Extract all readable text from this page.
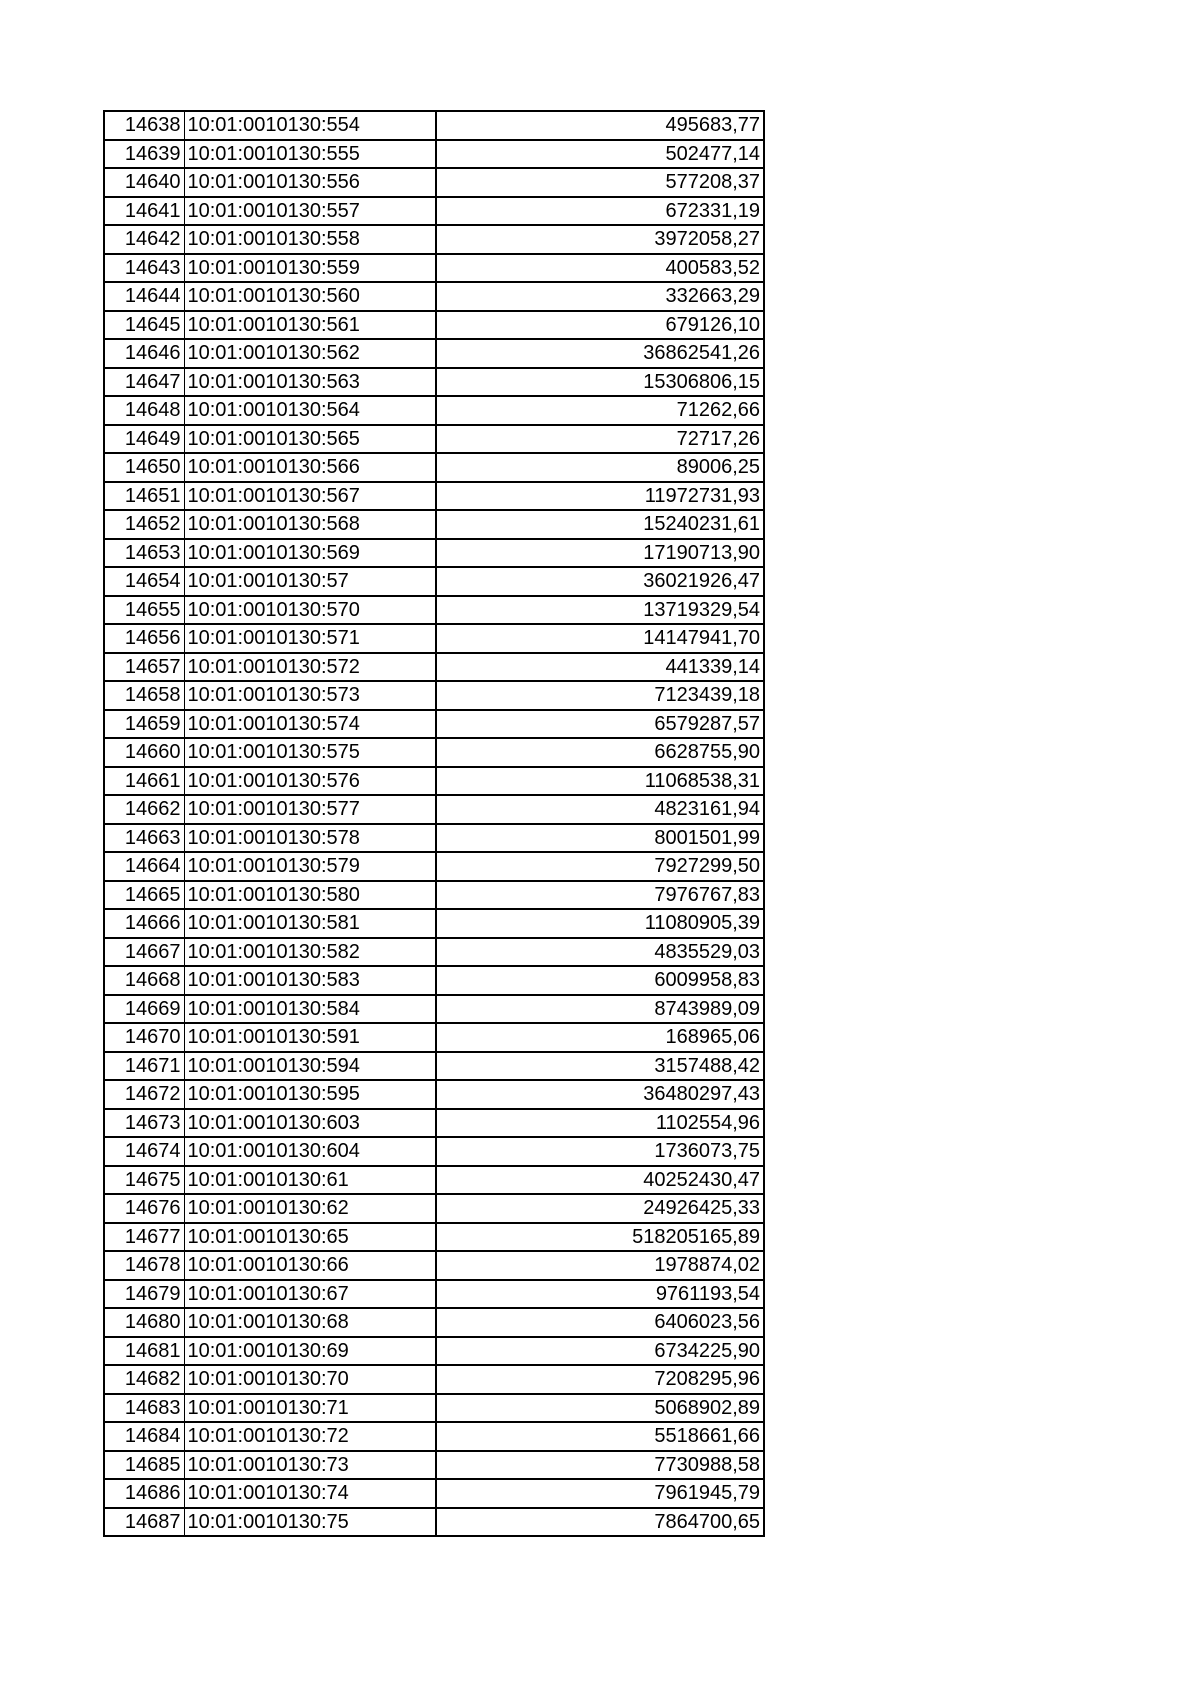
14638	10:01:0010130:554	495683,77
14639	10:01:0010130:555	502477,14
14640	10:01:0010130:556	577208,37
14641	10:01:0010130:557	672331,19
14642	10:01:0010130:558	3972058,27
14643	10:01:0010130:559	400583,52
14644	10:01:0010130:560	332663,29
14645	10:01:0010130:561	679126,10
14646	10:01:0010130:562	36862541,26
14647	10:01:0010130:563	15306806,15
14648	10:01:0010130:564	71262,66
14649	10:01:0010130:565	72717,26
14650	10:01:0010130:566	89006,25
14651	10:01:0010130:567	11972731,93
14652	10:01:0010130:568	15240231,61
14653	10:01:0010130:569	17190713,90
14654	10:01:0010130:57	36021926,47
14655	10:01:0010130:570	13719329,54
14656	10:01:0010130:571	14147941,70
14657	10:01:0010130:572	441339,14
14658	10:01:0010130:573	7123439,18
14659	10:01:0010130:574	6579287,57
14660	10:01:0010130:575	6628755,90
14661	10:01:0010130:576	11068538,31
14662	10:01:0010130:577	4823161,94
14663	10:01:0010130:578	8001501,99
14664	10:01:0010130:579	7927299,50
14665	10:01:0010130:580	7976767,83
14666	10:01:0010130:581	11080905,39
14667	10:01:0010130:582	4835529,03
14668	10:01:0010130:583	6009958,83
14669	10:01:0010130:584	8743989,09
14670	10:01:0010130:591	168965,06
14671	10:01:0010130:594	3157488,42
14672	10:01:0010130:595	36480297,43
14673	10:01:0010130:603	1102554,96
14674	10:01:0010130:604	1736073,75
14675	10:01:0010130:61	40252430,47
14676	10:01:0010130:62	24926425,33
14677	10:01:0010130:65	518205165,89
14678	10:01:0010130:66	1978874,02
14679	10:01:0010130:67	9761193,54
14680	10:01:0010130:68	6406023,56
14681	10:01:0010130:69	6734225,90
14682	10:01:0010130:70	7208295,96
14683	10:01:0010130:71	5068902,89
14684	10:01:0010130:72	5518661,66
14685	10:01:0010130:73	7730988,58
14686	10:01:0010130:74	7961945,79
14687	10:01:0010130:75	7864700,65
